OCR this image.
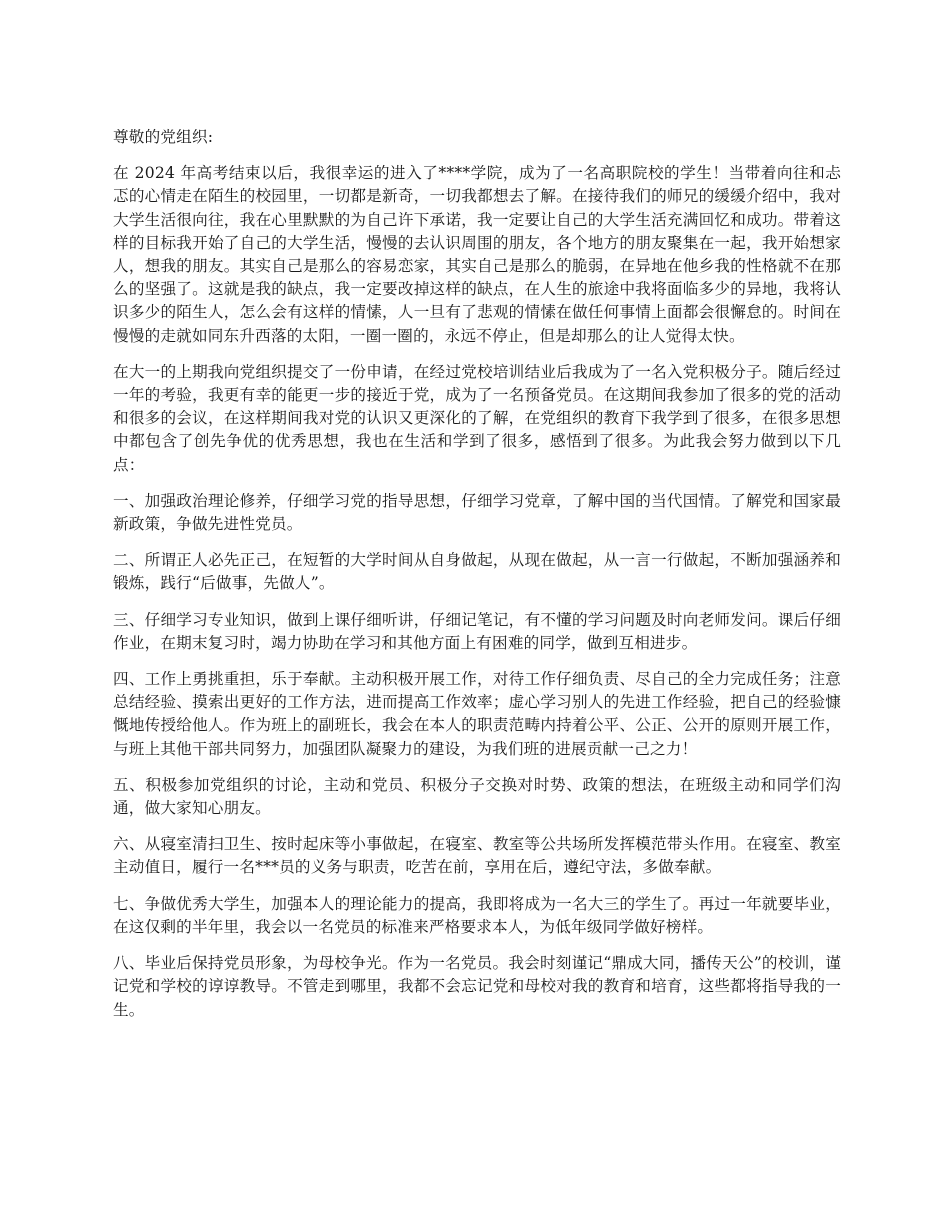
尊敬的党组织:

在 2024 年高考结束以后，我很幸运的进入了****学院，成为了一名高职院校的学生！当带着向往和忐忑的心情走在陌生的校园里，一切都是新奇，一切我都想去了解。在接待我们的师兄的缓缓介绍中，我对大学生活很向往，我在心里默默的为自己许下承诺，我一定要让自己的大学生活充满回忆和成功。带着这样的目标我开始了自己的大学生活，慢慢的去认识周围的朋友，各个地方的朋友聚集在一起，我开始想家人，想我的朋友。其实自己是那么的容易恋家，其实自己是那么的脆弱，在异地在他乡我的性格就不在那么的坚强了。这就是我的缺点，我一定要改掉这样的缺点，在人生的旅途中我将面临多少的异地，我将认识多少的陌生人，怎么会有这样的情愫，人一旦有了悲观的情愫在做任何事情上面都会很懈怠的。时间在慢慢的走就如同东升西落的太阳，一圈一圈的，永远不停止，但是却那么的让人觉得太快。

在大一的上期我向党组织提交了一份申请，在经过党校培训结业后我成为了一名入党积极分子。随后经过一年的考验，我更有幸的能更一步的接近于党，成为了一名预备党员。在这期间我参加了很多的党的活动和很多的会议，在这样期间我对党的认识又更深化的了解，在党组织的教育下我学到了很多，在很多思想中都包含了创先争优的优秀思想，我也在生活和学到了很多，感悟到了很多。为此我会努力做到以下几点：

一、加强政治理论修养，仔细学习党的指导思想，仔细学习党章，了解中国的当代国情。了解党和国家最新政策，争做先进性党员。

二、所谓正人必先正己，在短暂的大学时间从自身做起，从现在做起，从一言一行做起，不断加强涵养和锻炼，践行“后做事，先做人”。

三、仔细学习专业知识，做到上课仔细听讲，仔细记笔记，有不懂的学习问题及时向老师发问。课后仔细作业，在期末复习时，竭力协助在学习和其他方面上有困难的同学，做到互相进步。

四、工作上勇挑重担，乐于奉献。主动积极开展工作，对待工作仔细负责、尽自己的全力完成任务；注意总结经验、摸索出更好的工作方法，进而提高工作效率；虚心学习别人的先进工作经验，把自己的经验慷慨地传授给他人。作为班上的副班长，我会在本人的职责范畴内持着公平、公正、公开的原则开展工作，与班上其他干部共同努力，加强团队凝聚力的建设，为我们班的进展贡献一己之力！

五、积极参加党组织的讨论，主动和党员、积极分子交换对时势、政策的想法，在班级主动和同学们沟通，做大家知心朋友。

六、从寝室清扫卫生、按时起床等小事做起，在寝室、教室等公共场所发挥模范带头作用。在寝室、教室主动值日，履行一名***员的义务与职责，吃苦在前，享用在后，遵纪守法，多做奉献。

七、争做优秀大学生，加强本人的理论能力的提高，我即将成为一名大三的学生了。再过一年就要毕业，在这仅剩的半年里，我会以一名党员的标准来严格要求本人，为低年级同学做好榜样。

八、毕业后保持党员形象，为母校争光。作为一名党员。我会时刻谨记“鼎成大同，播传天公”的校训，谨记党和学校的谆谆教导。不管走到哪里，我都不会忘记党和母校对我的教育和培育，这些都将指导我的一生。
